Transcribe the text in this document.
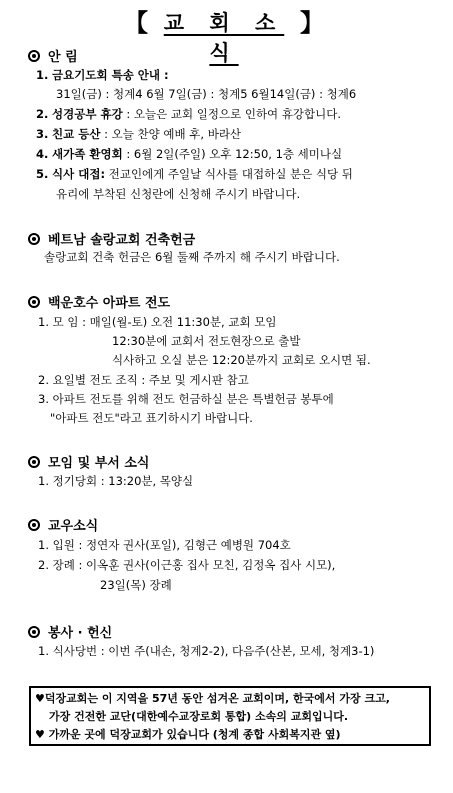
【 교 회 소 식
】
안 림
1. 금요기도회 특송 안내 :
31일(금) : 청계4 6월 7일(금) : 청계5 6월14일(금) : 청계6
2. 성경공부 휴강 : 오늘은 교회 일정으로 인하여 휴강합니다.
3. 친교 등산 : 오늘 찬양 예배 후, 바라산
4. 새가족 환영회 : 6월 2일(주일) 오후 12:50, 1층 세미나실
5. 식사 대접: 전교인에게 주일날 식사를 대접하실 분은 식당 뒤
유리에 부착된 신청란에 신청해 주시기 바랍니다.
베트남 솔랑교회 건축헌금
솔랑교회 건축 헌금은 6월 둘째 주까지 해 주시기 바랍니다.
백운호수 아파트 전도
1. 모 임 : 매일(월-토) 오전 11:30분, 교회 모임
12:30분에 교회서 전도현장으로 출발
식사하고 오실 분은 12:20분까지 교회로 오시면 됨.
2. 요일별 전도 조직 : 주보 및 게시판 참고
3. 아파트 전도를 위해 전도 헌금하실 분은 특별헌금 봉투에
"아파트 전도"라고 표기하시기 바랍니다.
모임 및 부서 소식
1. 정기당회 : 13:20분, 목양실
교우소식
1. 입원 : 정연자 권사(포일), 김형근 예병원 704호
2. 장례 : 이옥훈 권사(이근홍 집사 모친, 김정옥 집사 시모),
23일(목) 장례
봉사 · 헌신
1. 식사당번 : 이번 주(내손, 청계2-2), 다음주(산본, 모세, 청계3-1)
♥덕장교회는 이 지역을 57년 동안 섬겨온 교회이며, 한국에서 가장 크고,
가장 건전한 교단(대한예수교장로회 통합) 소속의 교회입니다.
♥ 가까운 곳에 덕장교회가 있습니다 (청계 종합 사회복지관 옆)
